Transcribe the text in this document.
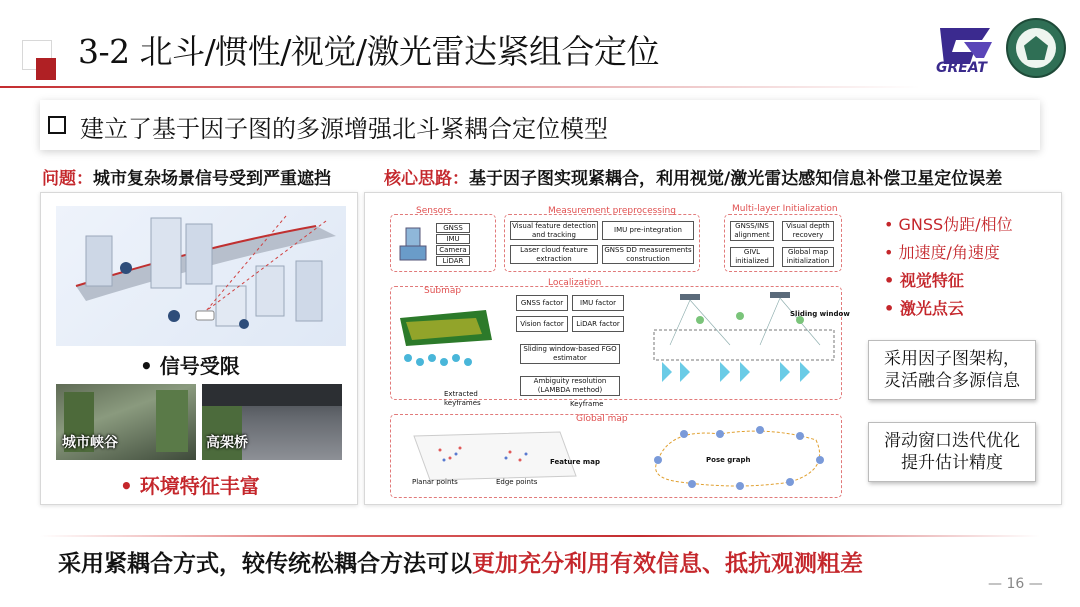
3-2 北斗/惯性/视觉/激光雷达紧组合定位	GREAT
建立了基于因子图的多源增强北斗紧耦合定位模型
问题：城市复杂场景信号受到严重遮挡	核心思路：基于因子图实现紧耦合，利用视觉/激光雷达感知信息补偿卫星定位误差
• 信号受限
城市峡谷	高架桥
• 环境特征丰富
Sensors
GNSS
IMU
Camera
LiDAR
Measurement preprocessing
Visual feature detection and tracking
IMU pre-integration
Laser cloud feature extraction
GNSS DD measurements construction
Multi-layer Initialization
GNSS/INS alignment
Visual depth recovery
GIVL initialized
Global map initialization
Localization
Submap
GNSS factor	IMU factor
Vision factor	LiDAR factor
Sliding window-based FGO estimator
Ambiguity resolution (LAMBDA method)
Sliding window
Extracted keyframes	Keyframe
Global map
Feature map
Planar points	Edge points
Pose graph
• GNSS伪距/相位
• 加速度/角速度
• 视觉特征
• 激光点云
采用因子图架构，
灵活融合多源信息
滑动窗口迭代优化
提升估计精度
采用紧耦合方式，较传统松耦合方法可以更加充分利用有效信息、抵抗观测粗差
— 16 —
